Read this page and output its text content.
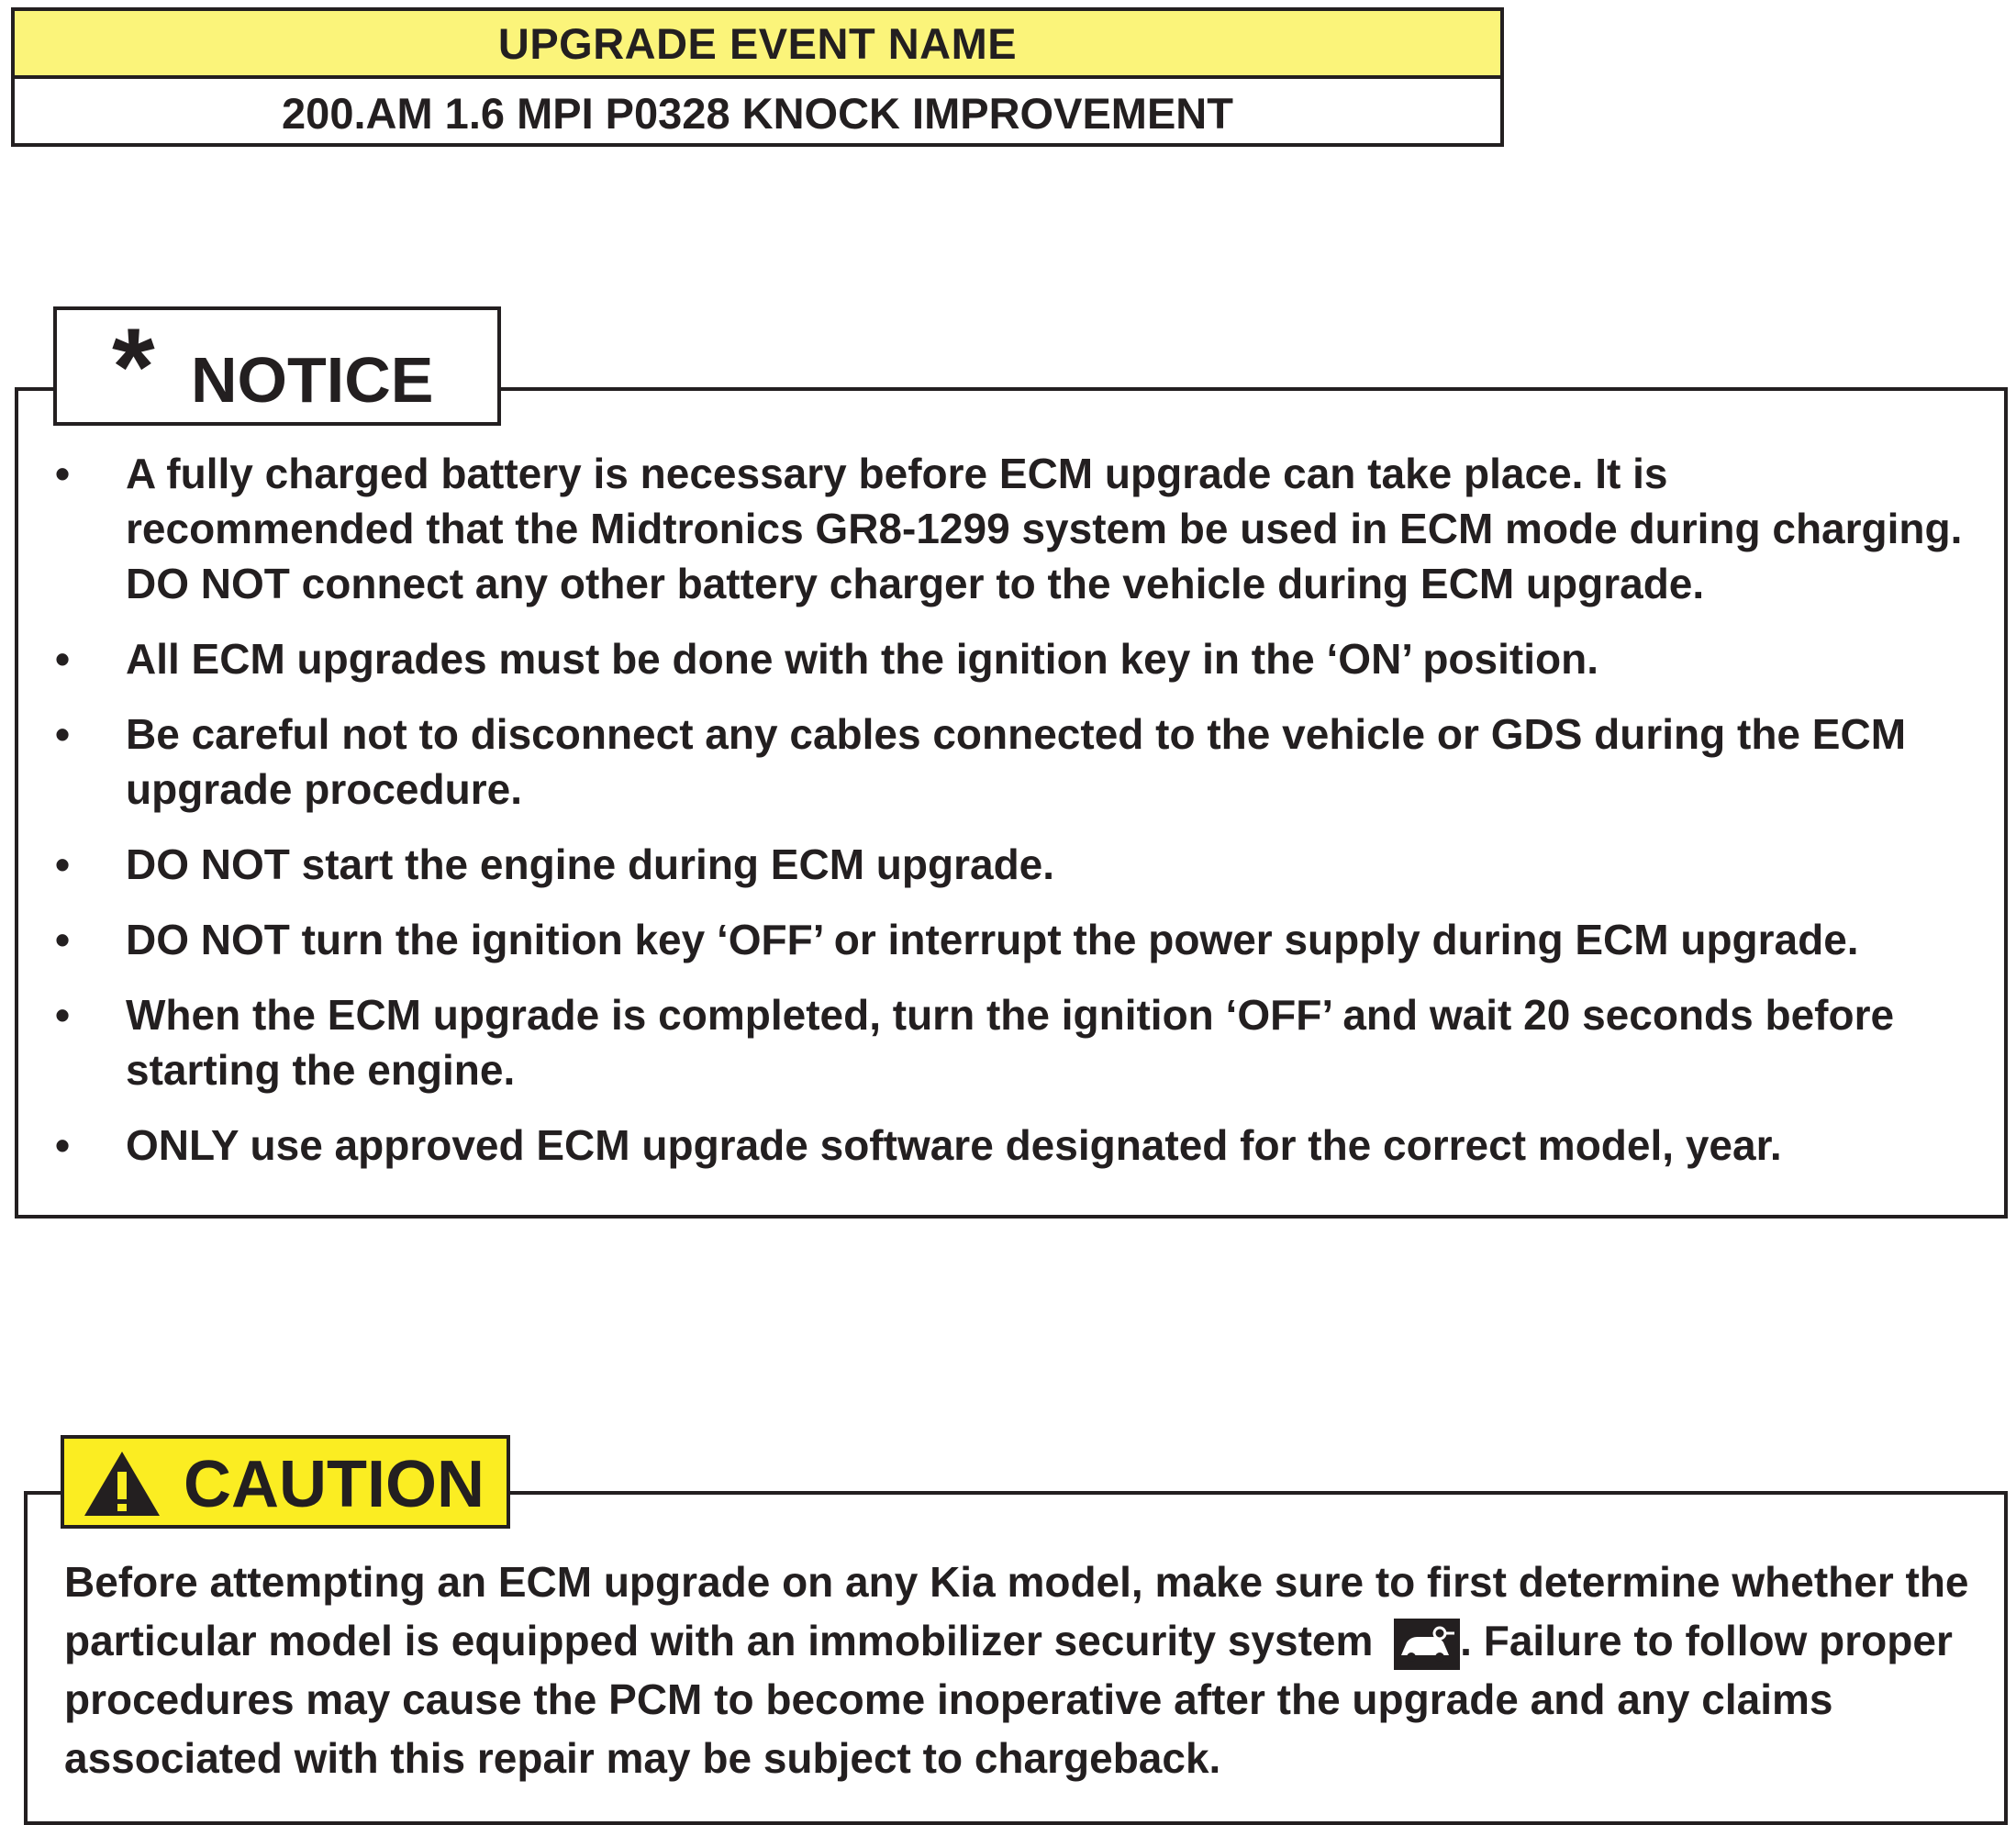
UPGRADE EVENT NAME
200.AM 1.6 MPI P0328 KNOCK IMPROVEMENT
* NOTICE
• A fully charged battery is necessary before ECM upgrade can take place. It is recommended that the Midtronics GR8-1299 system be used in ECM mode during charging. DO NOT connect any other battery charger to the vehicle during ECM upgrade.
• All ECM upgrades must be done with the ignition key in the ‘ON’ position.
• Be careful not to disconnect any cables connected to the vehicle or GDS during the ECM upgrade procedure.
• DO NOT start the engine during ECM upgrade.
• DO NOT turn the ignition key ‘OFF’ or interrupt the power supply during ECM upgrade.
• When the ECM upgrade is completed, turn the ignition ‘OFF’ and wait 20 seconds before starting the engine.
• ONLY use approved ECM upgrade software designated for the correct model, year.
CAUTION
Before attempting an ECM upgrade on any Kia model, make sure to first determine whether the particular model is equipped with an immobilizer security system . Failure to follow proper procedures may cause the PCM to become inoperative after the upgrade and any claims associated with this repair may be subject to chargeback.
